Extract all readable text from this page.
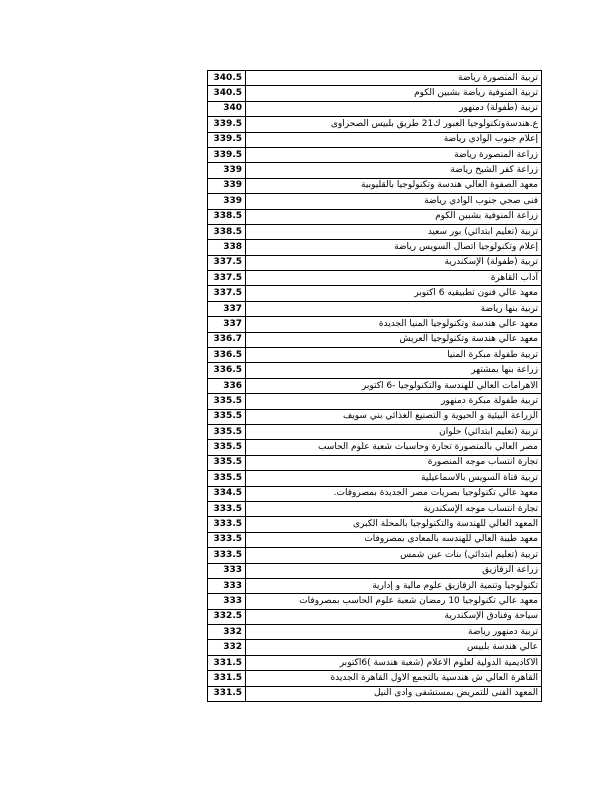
340.5	تربية المنصورة رياضة
340.5	تربية المنوفية رياضة بشبين الكوم
340	تربية (طفولة) دمنهور
339.5	ع.هندسةوتكنولوجيا العبور ك21 طريق بلبيس الصحراوى
339.5	إعلام جنوب الوادي رياضة
339.5	زراعة المنصورة رياضة
339	زراعة كفر الشيخ رياضة
339	معهد الصفوة العالي هندسة وتكنولوجيا بالقليوبية
339	فنى صحي جنوب الوادي رياضة
338.5	زراعة المنوفية بشبين الكوم
338.5	تربية (تعليم ابتدائي) بور سعيد
338	إعلام وتكنولوجيا اتصال السويس رياضة
337.5	تربية (طفولة) الإسكندرية
337.5	آداب القاهرة
337.5	معهد عالي فنون تطبيقيه 6 اكتوبر
337	تربية بنها رياضة
337	معهد عالي هندسة وتكنولوجيا المنيا الجديدة
336.7	معهد عالي هندسة وتكنولوجيا العريش
336.5	تربية طفولة مبكرة المنيا
336.5	زراعة بنها بمشتهر
336	الاهرامات العالي للهندسة والتكنولوجيا -6 اكتوبر
335.5	تربية طفولة مبكرة دمنهور
335.5	الزراعة البيئية و الحيوية و التصنيع الغذائي بني سويف
335.5	تربية (تعليم ابتدائي) حلوان
335.5	مصر العالي بالمنصورة تجارة وحاسبات شعبة علوم الحاسب
335.5	تجارة انتساب موجه المنصورة
335.5	تربية قناة السويس بالاسماعيلية
334.5	معهد عالي تكنولوجيا بصريات مصر الجديدة بمصروفات.
333.5	تجارة انتساب موجه الإسكندرية
333.5	المعهد العالي للهندسة والتكنولوجيا بالمحلة الكبرى
333.5	معهد طيبة العالي للهندسه بالمعادى بمصروفات
333.5	تربية (تعليم ابتدائي) بنات عين شمس
333	زراعة الزقازيق
333	تكنولوجيا وتنمية الزقازيق علوم مالية و إدارية
333	معهد عالي تكنولوجيا 10 رمضان شعبة علوم الحاسب بمصروفات
332.5	سياحة وفنادق الإسكندرية
332	تربية دمنهور رياضة
332	عالي هندسة بلبيس
331.5	الاكاديمية الدولية لعلوم الاعلام (شعبة هندسة )6اكتوبر
331.5	القاهرة العالي ش هندسية بالتجمع الاول القاهرة الجديدة
331.5	المعهد الفنى للتمريض بمستشفى وادى النيل
